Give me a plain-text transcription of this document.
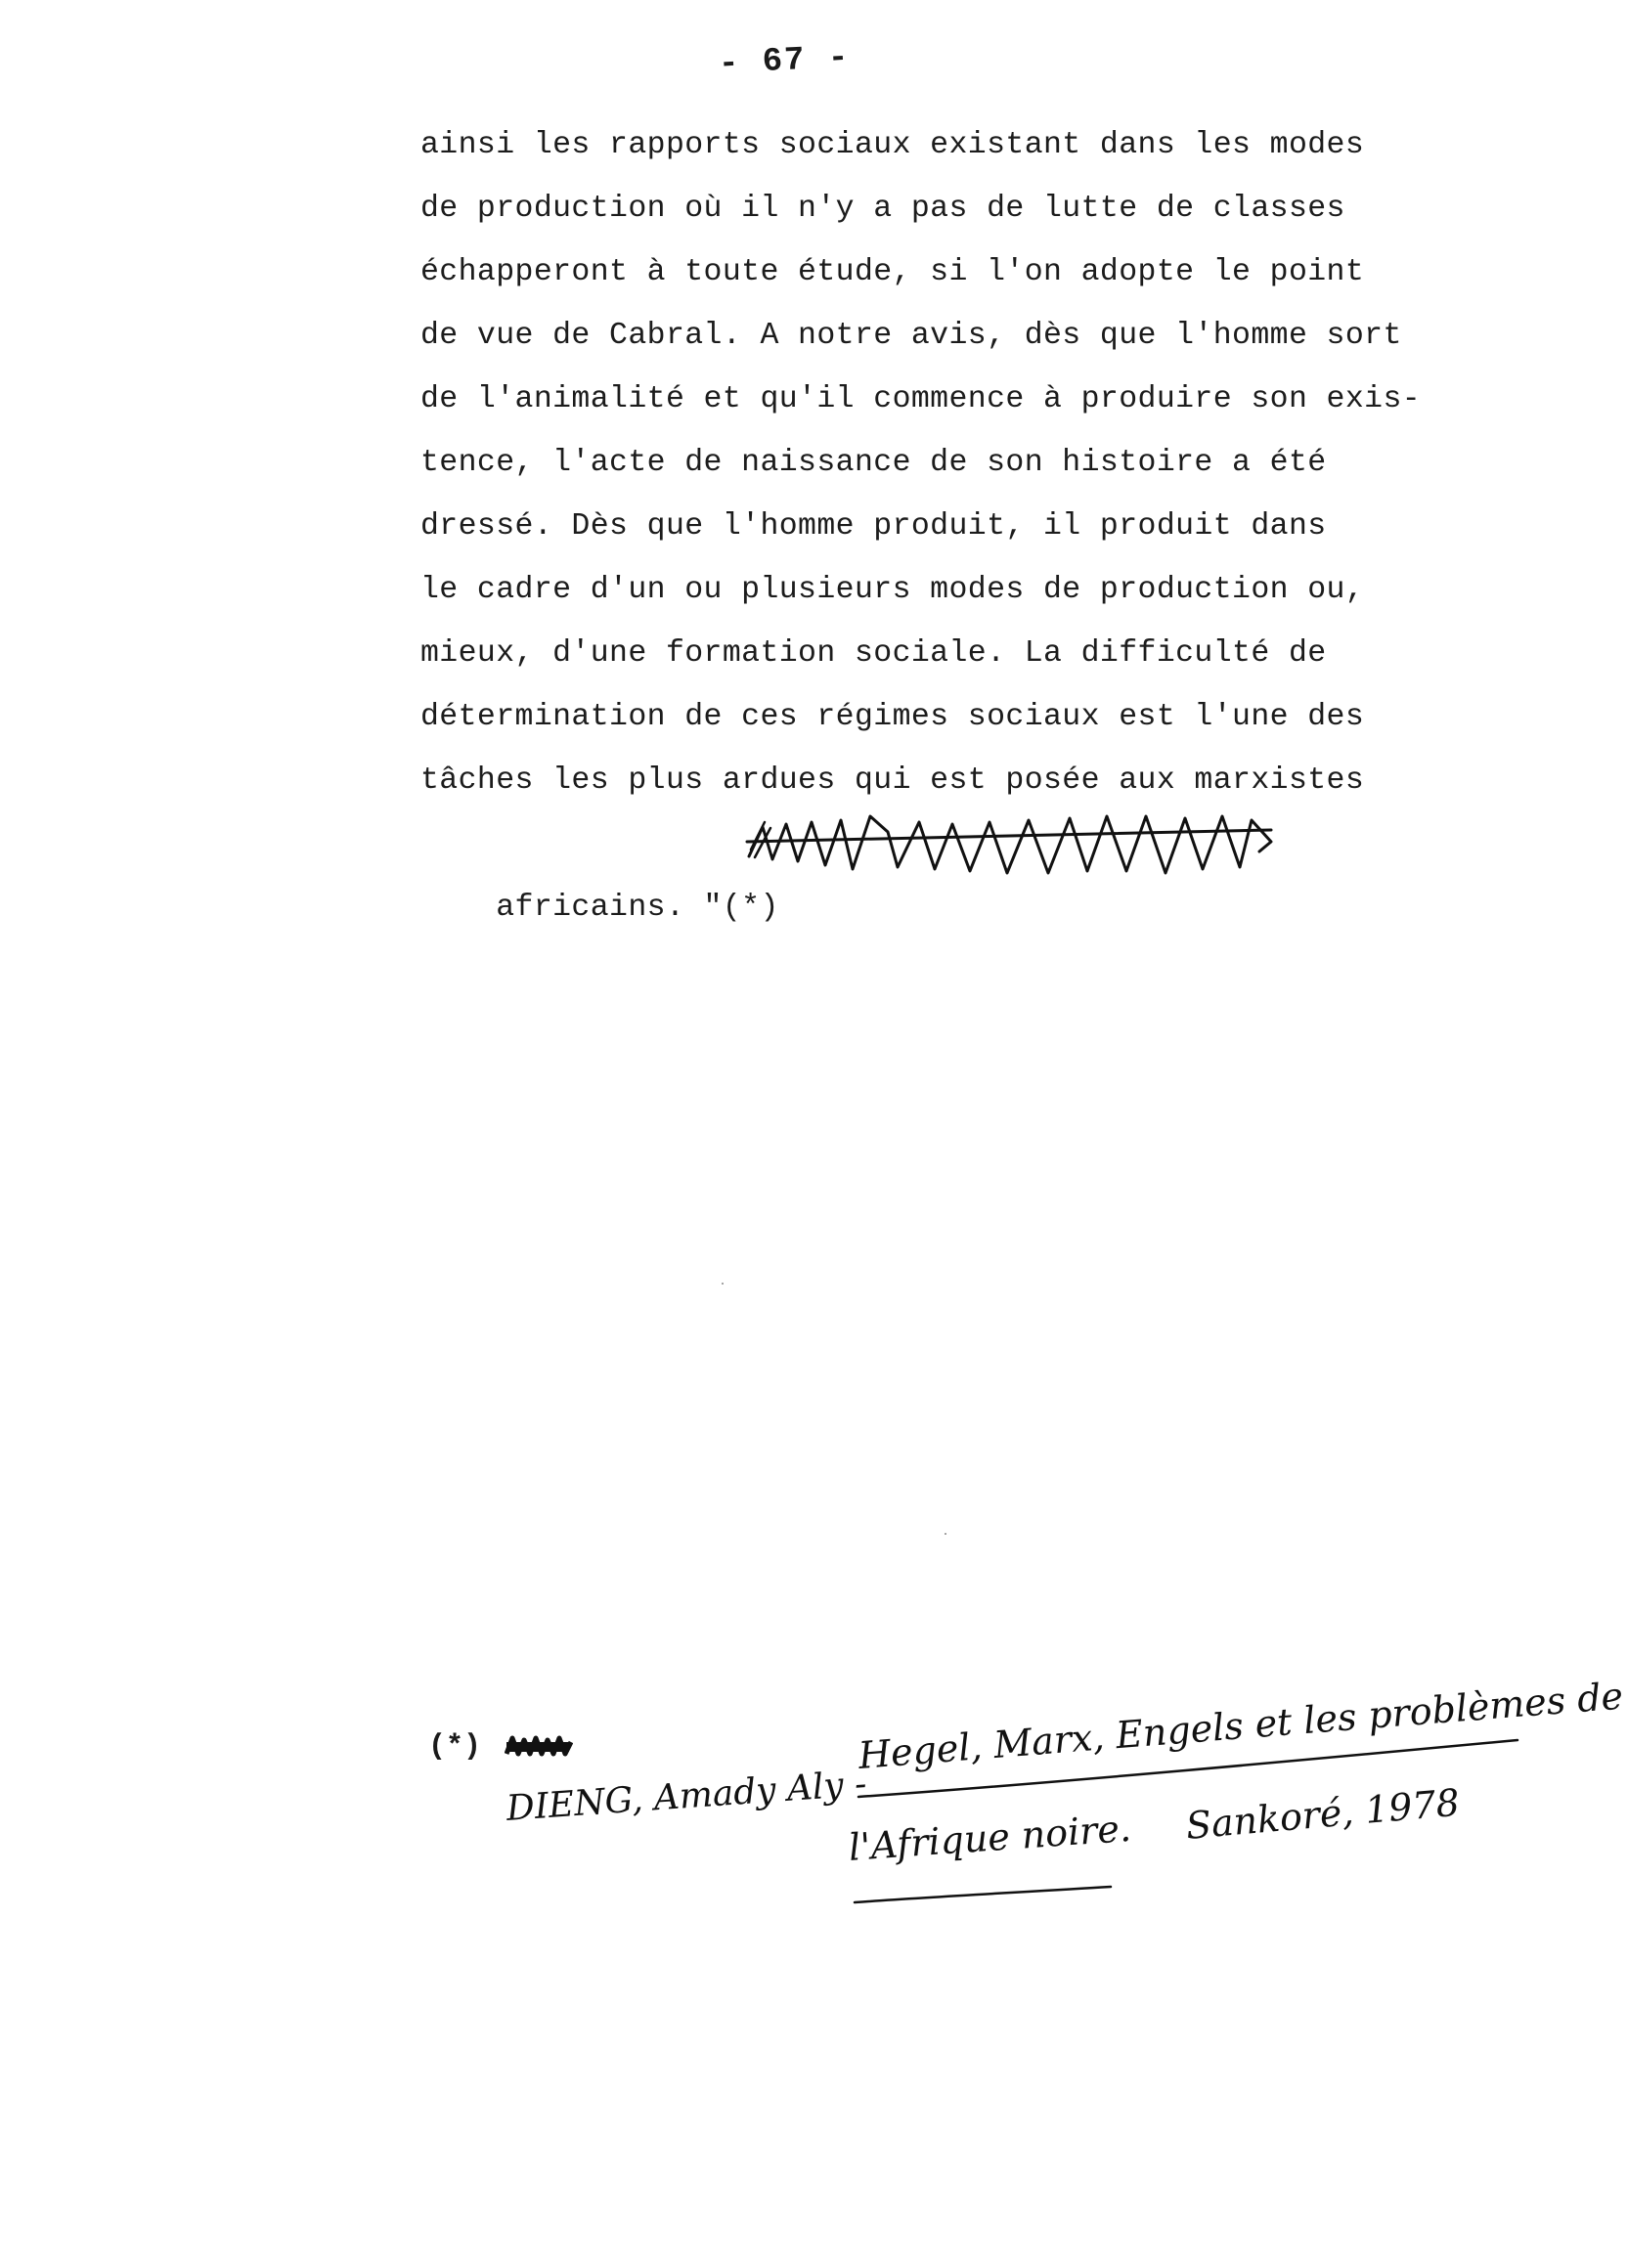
- 67 -
ainsi les rapports sociaux existant dans les modes
de production où il n'y a pas de lutte de classes
échapperont à toute étude, si l'on adopte le point
de vue de Cabral. A notre avis, dès que l'homme sort
de l'animalité et qu'il commence à produire son exis-
tence, l'acte de naissance de son histoire a été
dressé. Dès que l'homme produit, il produit dans
le cadre d'un ou plusieurs modes de production ou,
mieux, d'une formation sociale. La difficulté de
détermination de ces régimes sociaux est l'une des
tâches les plus ardues qui est posée aux marxistes

africains. "(*)

(*)
DIENG, Amady Aly -
Hegel, Marx, Engels et les problèmes de
l'Afrique noire. Sankoré, 1978
